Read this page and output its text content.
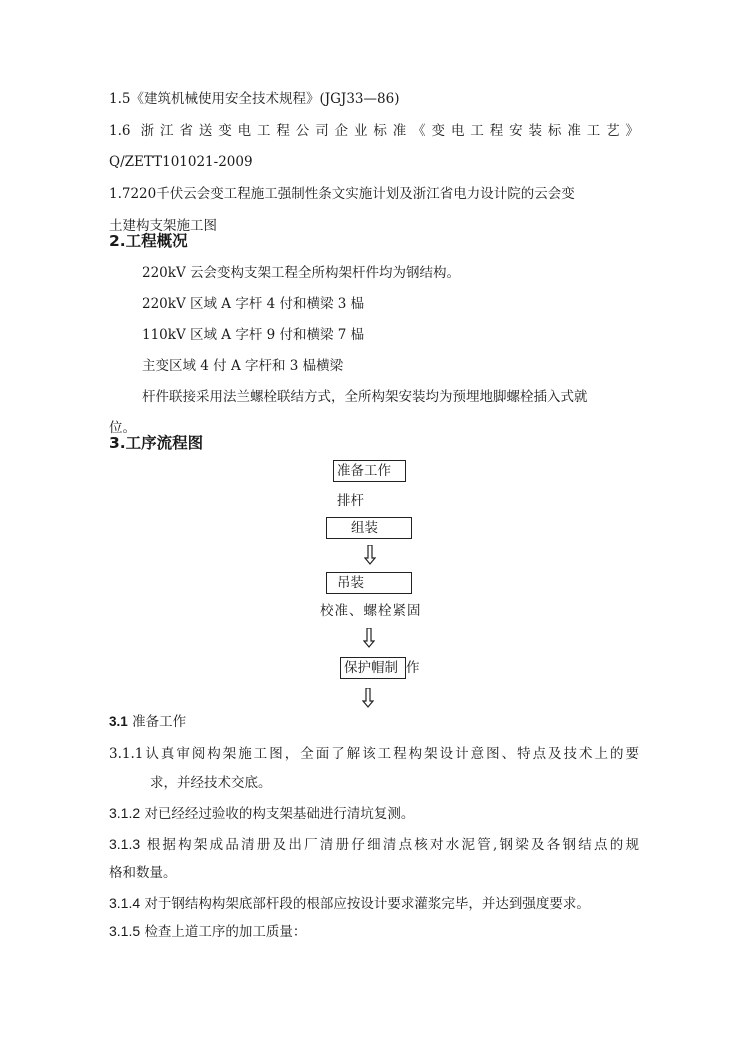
1.5《建筑机械使用安全技术规程》(JGJ33—86)
1.6 浙江省送变电工程公司企业标准《变电工程安装标准工艺》
Q/ZETT101021-2009
1.7220千伏云会变工程施工强制性条文实施计划及浙江省电力设计院的云会变
土建构支架施工图
2.工程概况
220kV 云会变构支架工程全所构架杆件均为钢结构。
220kV 区域 A 字杆 4 付和横梁 3 榀
110kV 区域 A 字杆 9 付和横梁 7 榀
主变区域 4 付 A 字杆和 3 榀横梁
杆件联接采用法兰螺栓联结方式，全所构架安装均为预埋地脚螺栓插入式就
位。
3.工序流程图
准备工作
排杆
组装
吊装
校准、螺栓紧固
保护帽制 作
3.1 准备工作
3.1.1认真审阅构架施工图，全面了解该工程构架设计意图、特点及技术上的要
求，并经技术交底。
3.1.2 对已经经过验收的构支架基础进行清坑复测。
3.1.3 根据构架成品清册及出厂清册仔细清点核对水泥管,钢梁及各钢结点的规
格和数量。
3.1.4 对于钢结构构架底部杆段的根部应按设计要求灌浆完毕，并达到强度要求。
3.1.5 检查上道工序的加工质量：
